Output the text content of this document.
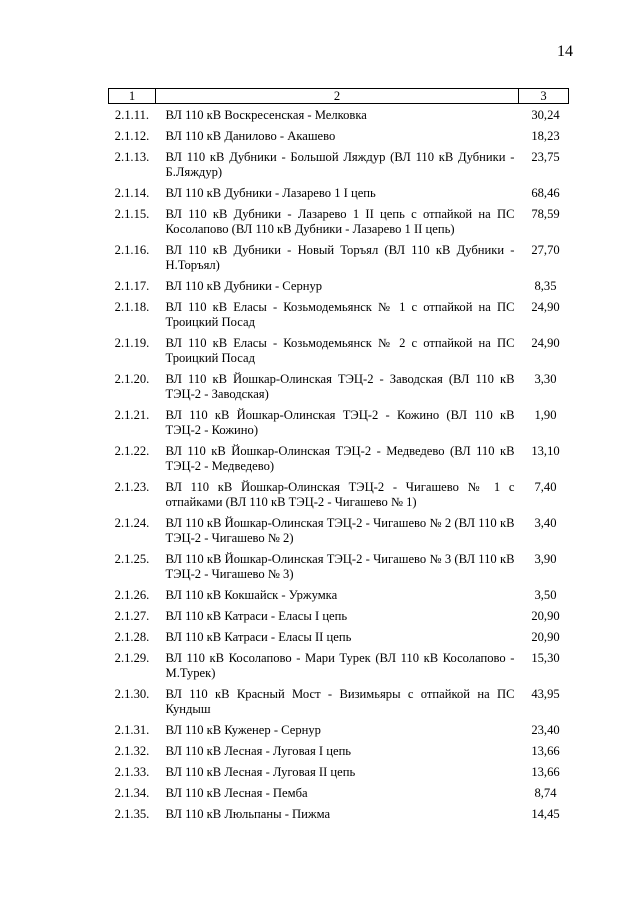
14
1	2	3
2.1.11.	ВЛ 110 кВ Воскресенская - Мелковка	30,24
2.1.12.	ВЛ 110 кВ Данилово - Акашево	18,23
2.1.13.	ВЛ 110 кВ Дубники - Большой Ляждур (ВЛ 110 кВ Дубники - Б.Ляждур)	23,75
2.1.14.	ВЛ 110 кВ Дубники - Лазарево 1 I цепь	68,46
2.1.15.	ВЛ 110 кВ Дубники - Лазарево 1 II цепь с отпайкой на ПС Косолапово (ВЛ 110 кВ Дубники - Лазарево 1 II цепь)	78,59
2.1.16.	ВЛ 110 кВ Дубники - Новый Торъял (ВЛ 110 кВ Дубники - Н.Торъял)	27,70
2.1.17.	ВЛ 110 кВ Дубники - Сернур	8,35
2.1.18.	ВЛ 110 кВ Еласы - Козьмодемьянск № 1 с отпайкой на ПС Троицкий Посад	24,90
2.1.19.	ВЛ 110 кВ Еласы - Козьмодемьянск № 2 с отпайкой на ПС Троицкий Посад	24,90
2.1.20.	ВЛ 110 кВ Йошкар-Олинская ТЭЦ-2 - Заводская (ВЛ 110 кВ ТЭЦ-2 - Заводская)	3,30
2.1.21.	ВЛ 110 кВ Йошкар-Олинская ТЭЦ-2 - Кожино (ВЛ 110 кВ ТЭЦ-2 - Кожино)	1,90
2.1.22.	ВЛ 110 кВ Йошкар-Олинская ТЭЦ-2 - Медведево (ВЛ 110 кВ ТЭЦ-2 - Медведево)	13,10
2.1.23.	ВЛ 110 кВ Йошкар-Олинская ТЭЦ-2 - Чигашево № 1 с отпайками (ВЛ 110 кВ ТЭЦ-2 - Чигашево № 1)	7,40
2.1.24.	ВЛ 110 кВ Йошкар-Олинская ТЭЦ-2 - Чигашево № 2 (ВЛ 110 кВ ТЭЦ-2 - Чигашево № 2)	3,40
2.1.25.	ВЛ 110 кВ Йошкар-Олинская ТЭЦ-2 - Чигашево № 3 (ВЛ 110 кВ ТЭЦ-2 - Чигашево № 3)	3,90
2.1.26.	ВЛ 110 кВ Кокшайск - Уржумка	3,50
2.1.27.	ВЛ 110 кВ Катраси - Еласы I цепь	20,90
2.1.28.	ВЛ 110 кВ Катраси - Еласы II цепь	20,90
2.1.29.	ВЛ 110 кВ Косолапово - Мари Турек (ВЛ 110 кВ Косолапово - М.Турек)	15,30
2.1.30.	ВЛ 110 кВ Красный Мост - Визимьяры с отпайкой на ПС Кундыш	43,95
2.1.31.	ВЛ 110 кВ Куженер - Сернур	23,40
2.1.32.	ВЛ 110 кВ Лесная - Луговая I цепь	13,66
2.1.33.	ВЛ 110 кВ Лесная - Луговая II цепь	13,66
2.1.34.	ВЛ 110 кВ Лесная - Пемба	8,74
2.1.35.	ВЛ 110 кВ Люльпаны - Пижма	14,45
